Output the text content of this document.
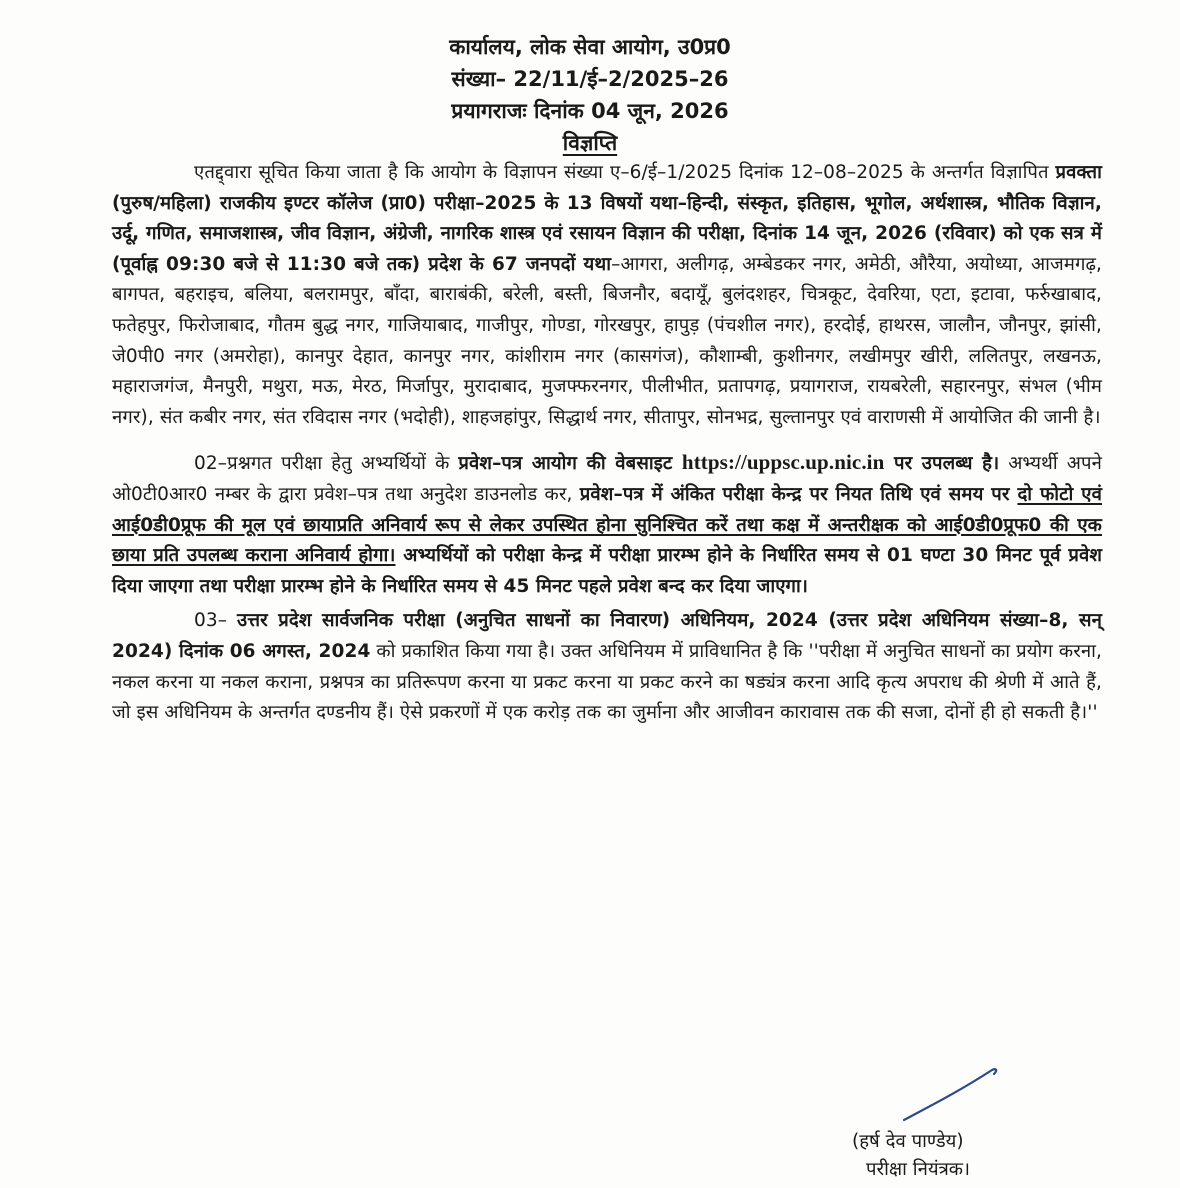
कार्यालय, लोक सेवा आयोग, उ0प्र0
संख्या– 22/11/ई–2/2025–26
प्रयागराजः दिनांक 04 जून, 2026
विज्ञप्ति

एतद्द्वारा सूचित किया जाता है कि आयोग के विज्ञापन संख्या ए–6/ई–1/2025 दिनांक 12–08–2025 के अन्तर्गत विज्ञापित प्रवक्ता (पुरुष/महिला) राजकीय इण्टर कॉलेज (प्रा0) परीक्षा–2025 के 13 विषयों यथा–हिन्दी, संस्कृत, इतिहास, भूगोल, अर्थशास्त्र, भौतिक विज्ञान, उर्दू, गणित, समाजशास्त्र, जीव विज्ञान, अंग्रेजी, नागरिक शास्त्र एवं रसायन विज्ञान की परीक्षा, दिनांक 14 जून, 2026 (रविवार) को एक सत्र में (पूर्वाह्न 09:30 बजे से 11:30 बजे तक) प्रदेश के 67 जनपदों यथा–आगरा, अलीगढ़, अम्बेडकर नगर, अमेठी, औरैया, अयोध्या, आजमगढ़, बागपत, बहराइच, बलिया, बलरामपुर, बाँदा, बाराबंकी, बरेली, बस्ती, बिजनौर, बदायूँ, बुलंदशहर, चित्रकूट, देवरिया, एटा, इटावा, फर्रुखाबाद, फतेहपुर, फिरोजाबाद, गौतम बुद्ध नगर, गाजियाबाद, गाजीपुर, गोण्डा, गोरखपुर, हापुड़ (पंचशील नगर), हरदोई, हाथरस, जालौन, जौनपुर, झांसी, जे0पी0 नगर (अमरोहा), कानपुर देहात, कानपुर नगर, कांशीराम नगर (कासगंज), कौशाम्बी, कुशीनगर, लखीमपुर खीरी, ललितपुर, लखनऊ, महाराजगंज, मैनपुरी, मथुरा, मऊ, मेरठ, मिर्जापुर, मुरादाबाद, मुजफ्फरनगर, पीलीभीत, प्रतापगढ़, प्रयागराज, रायबरेली, सहारनपुर, संभल (भीम नगर), संत कबीर नगर, संत रविदास नगर (भदोही), शाहजहांपुर, सिद्धार्थ नगर, सीतापुर, सोनभद्र, सुल्तानपुर एवं वाराणसी में आयोजित की जानी है।

02–प्रश्नगत परीक्षा हेतु अभ्यर्थियों के प्रवेश–पत्र आयोग की वेबसाइट https://uppsc.up.nic.in पर उपलब्ध है। अभ्यर्थी अपने ओ0टी0आर0 नम्बर के द्वारा प्रवेश–पत्र तथा अनुदेश डाउनलोड कर, प्रवेश–पत्र में अंकित परीक्षा केन्द्र पर नियत तिथि एवं समय पर दो फोटो एवं आई0डी0प्रूफ की मूल एवं छायाप्रति अनिवार्य रूप से लेकर उपस्थित होना सुनिश्चित करें तथा कक्ष में अन्तरीक्षक को आई0डी0प्रूफ0 की एक छाया प्रति उपलब्ध कराना अनिवार्य होगा। अभ्यर्थियों को परीक्षा केन्द्र में परीक्षा प्रारम्भ होने के निर्धारित समय से 01 घण्टा 30 मिनट पूर्व प्रवेश दिया जाएगा तथा परीक्षा प्रारम्भ होने के निर्धारित समय से 45 मिनट पहले प्रवेश बन्द कर दिया जाएगा।

03– उत्तर प्रदेश सार्वजनिक परीक्षा (अनुचित साधनों का निवारण) अधिनियम, 2024 (उत्तर प्रदेश अधिनियम संख्या–8, सन् 2024) दिनांक 06 अगस्त, 2024 को प्रकाशित किया गया है। उक्त अधिनियम में प्राविधानित है कि ''परीक्षा में अनुचित साधनों का प्रयोग करना, नकल करना या नकल कराना, प्रश्नपत्र का प्रतिरूपण करना या प्रकट करना या प्रकट करने का षड्यंत्र करना आदि कृत्य अपराध की श्रेणी में आते हैं, जो इस अधिनियम के अन्तर्गत दण्डनीय हैं। ऐसे प्रकरणों में एक करोड़ तक का जुर्माना और आजीवन कारावास तक की सजा, दोनों ही हो सकती है।''

(हर्ष देव पाण्डेय)
परीक्षा नियंत्रक।
